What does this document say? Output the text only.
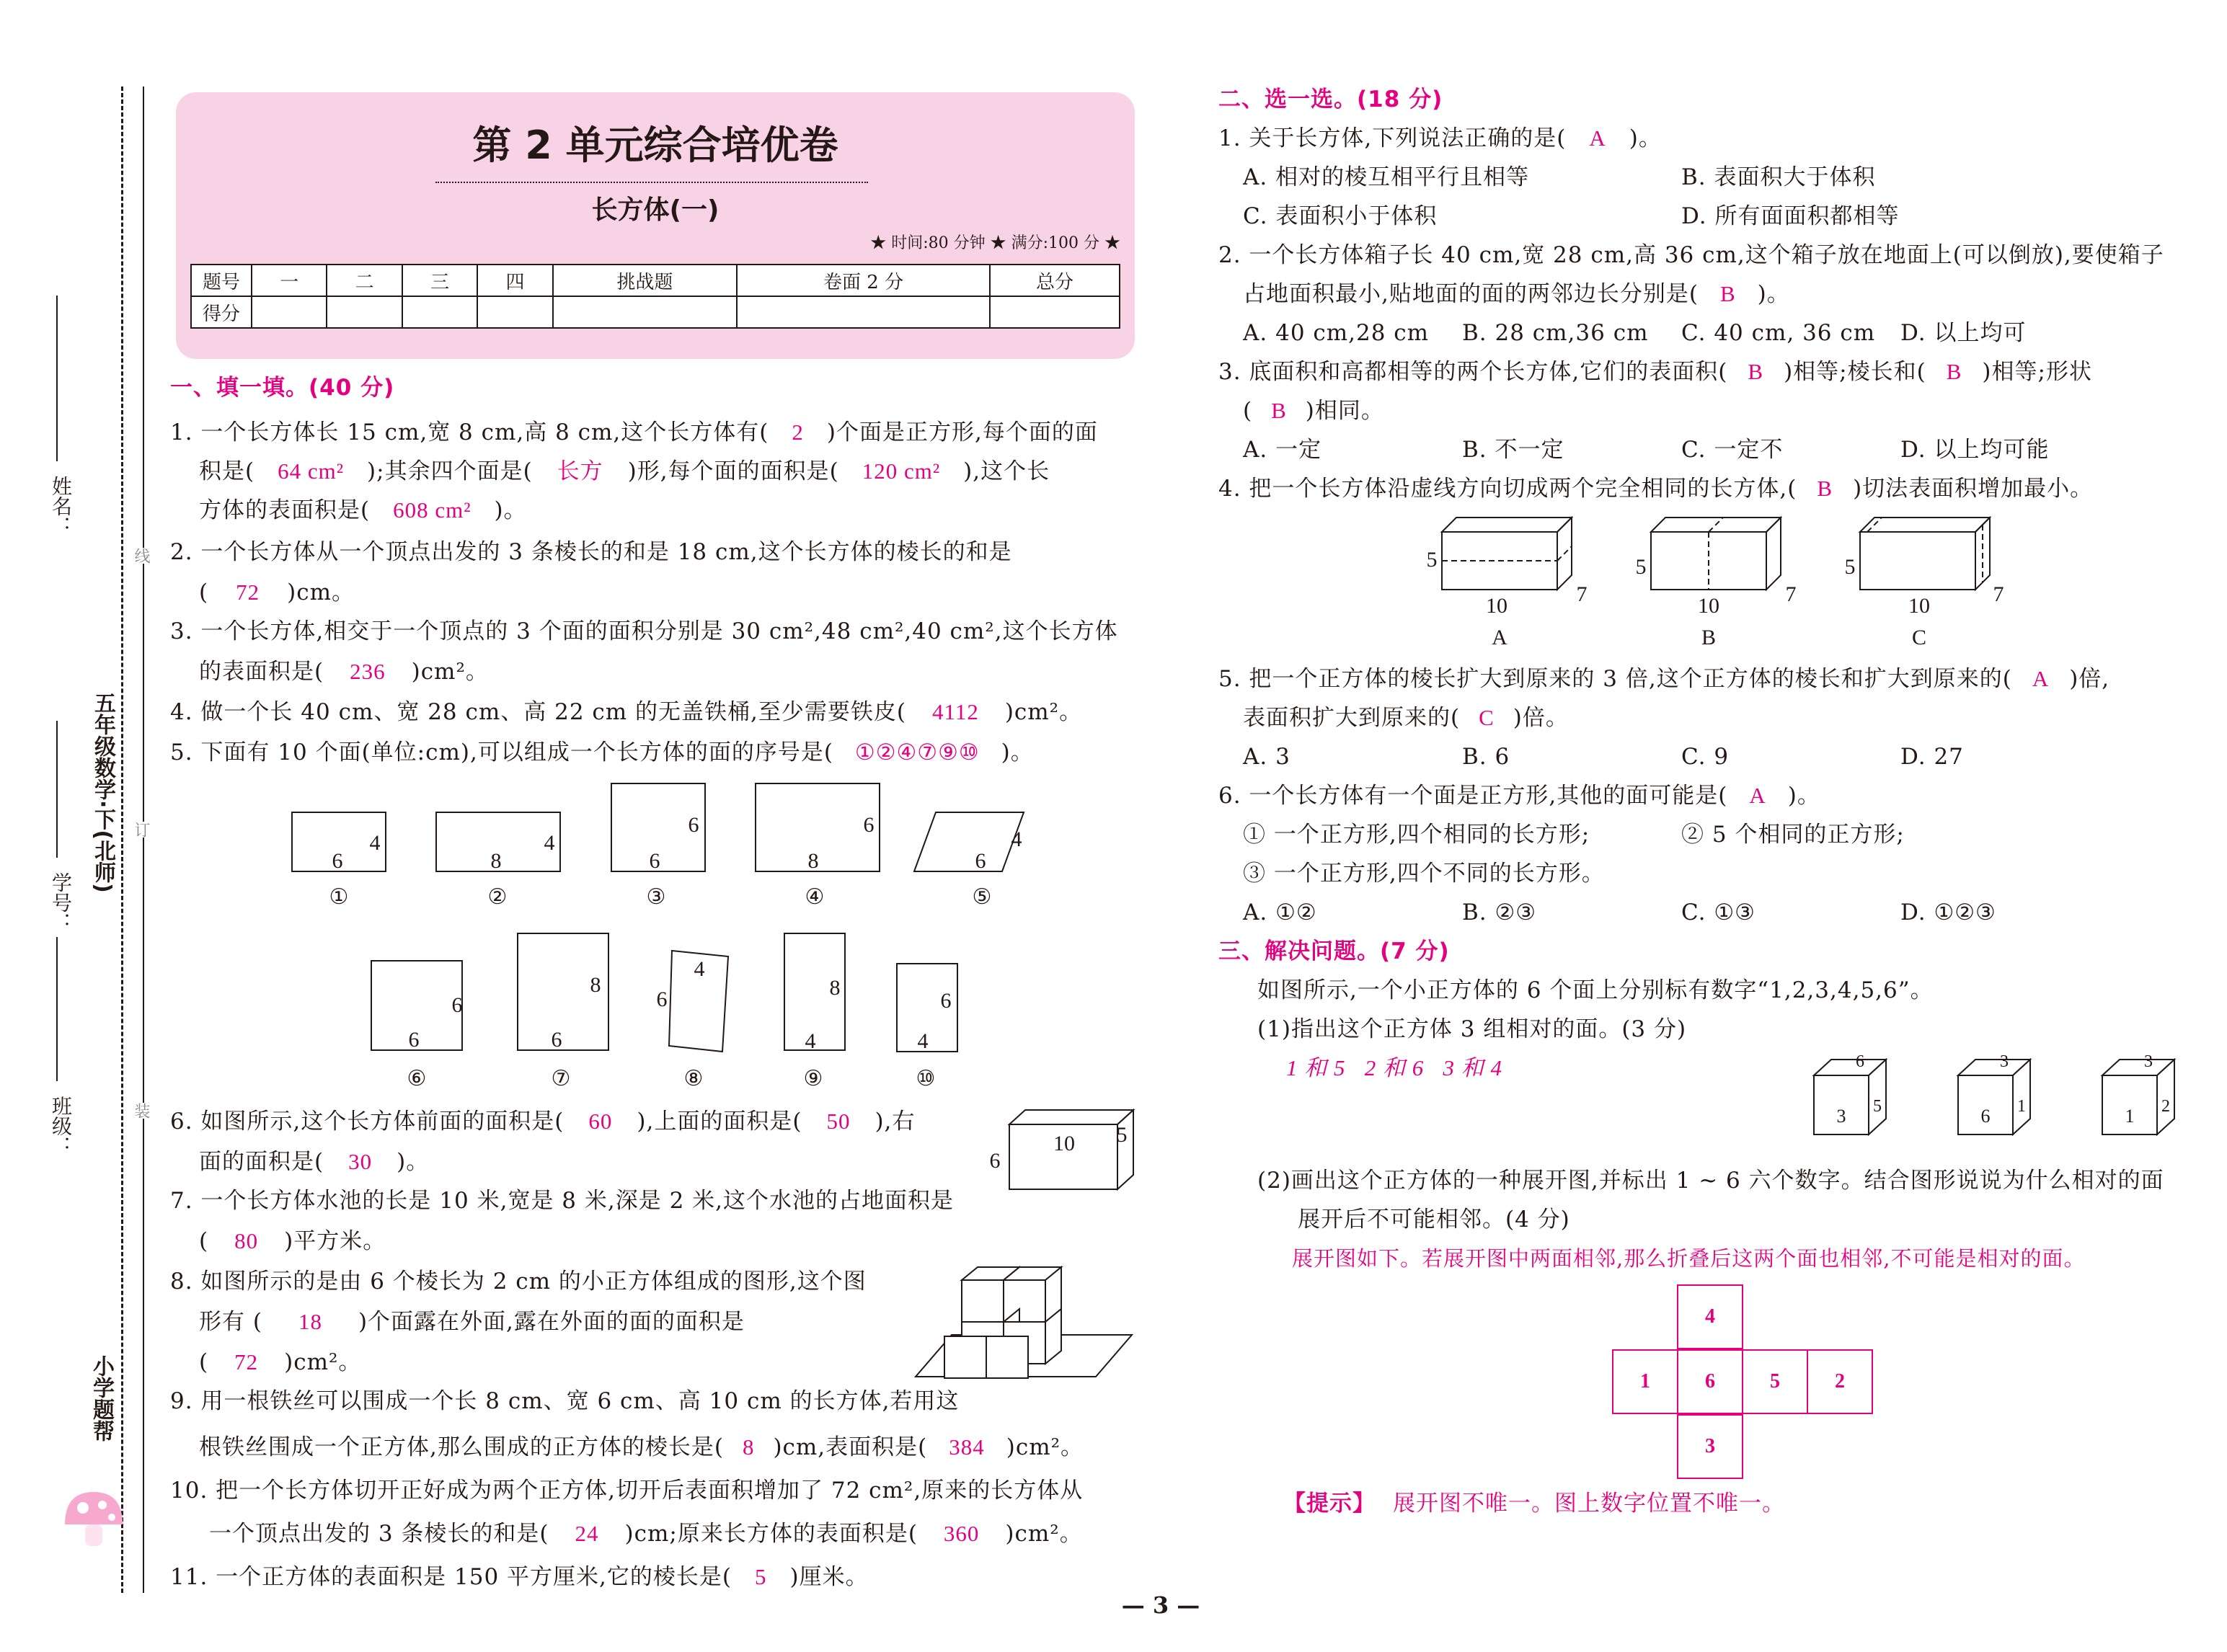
姓名：
学号：
五年级数学·下(北师)
班级：
线
订
装
小学题帮
第 2 单元综合培优卷
长方体(一)
★ 时间:80 分钟 ★ 满分:100 分 ★
题号	一	二	三	四	挑战题	卷面 2 分	总分
得分							
一、填一填。(40 分)
1. 一个长方体长 15 cm,宽 8 cm,高 8 cm,这个长方体有( 2 )个面是正方形,每个面的面
积是( 64 cm² );其余四个面是( 长方 )形,每个面的面积是( 120 cm² ),这个长
方体的表面积是( 608 cm² )。
2. 一个长方体从一个顶点出发的 3 条棱长的和是 18 cm,这个长方体的棱长的和是
( 72 )cm。
3. 一个长方体,相交于一个顶点的 3 个面的面积分别是 30 cm²,48 cm²,40 cm²,这个长方体
的表面积是( 236 )cm²。
4. 做一个长 40 cm、宽 28 cm、高 22 cm 的无盖铁桶,至少需要铁皮( 4112 )cm²。
5. 下面有 10 个面(单位:cm),可以组成一个长方体的面的序号是( ①②④⑦⑨⑩ )。
6
4
①
8
4
②
6
6
③
8
6
④
6
4
⑤
6
6
⑥
6
8
⑦
4
6
⑧
4
8
⑨
4
6
⑩
6. 如图所示,这个长方体前面的面积是( 60 ),上面的面积是( 50 ),右
面的面积是( 30 )。
10	5
6
7. 一个长方体水池的长是 10 米,宽是 8 米,深是 2 米,这个水池的占地面积是
( 80 )平方米。
8. 如图所示的是由 6 个棱长为 2 cm 的小正方体组成的图形,这个图
形有 ( 18 )个面露在外面,露在外面的面的面积是
( 72 )cm²。
9. 用一根铁丝可以围成一个长 8 cm、宽 6 cm、高 10 cm 的长方体,若用这
根铁丝围成一个正方体,那么围成的正方体的棱长是( 8 )cm,表面积是( 384 )cm²。
10. 把一个长方体切开正好成为两个正方体,切开后表面积增加了 72 cm²,原来的长方体从
一个顶点出发的 3 条棱长的和是( 24 )cm;原来长方体的表面积是( 360 )cm²。
11. 一个正方体的表面积是 150 平方厘米,它的棱长是( 5 )厘米。
二、选一选。(18 分)
1. 关于长方体,下列说法正确的是( A )。
A. 相对的棱互相平行且相等	B. 表面积大于体积
C. 表面积小于体积	D. 所有面面积都相等
2. 一个长方体箱子长 40 cm,宽 28 cm,高 36 cm,这个箱子放在地面上(可以倒放),要使箱子
占地面积最小,贴地面的面的两邻边长分别是( B )。
A. 40 cm,28 cm B. 28 cm,36 cm C. 40 cm, 36 cm D. 以上均可
3. 底面积和高都相等的两个长方体,它们的表面积( B )相等;棱长和( B )相等;形状
( B )相同。
A. 一定	B. 不一定	C. 一定不	D. 以上均可能
4. 把一个长方体沿虚线方向切成两个完全相同的长方体,( B )切法表面积增加最小。
5
10	7
A
5
10	7
B
5
10	7
C
5. 把一个正方体的棱长扩大到原来的 3 倍,这个正方体的棱长和扩大到原来的( A )倍,
表面积扩大到原来的( C )倍。
A. 3	B. 6	C. 9	D. 27
6. 一个长方体有一个面是正方形,其他的面可能是( A )。
① 一个正方形,四个相同的长方形;	② 5 个相同的正方形;
③ 一个正方形,四个不同的长方形。
A. ①②	B. ②③	C. ①③	D. ①②③
三、解决问题。(7 分)
如图所示,一个小正方体的 6 个面上分别标有数字“1,2,3,4,5,6”。
(1)指出这个正方体 3 组相对的面。(3 分)
1 和 5   2 和 6   3 和 4	6
3	5
3
6	1
3
1	2
(2)画出这个正方体的一种展开图,并标出 1 ~ 6 六个数字。结合图形说说为什么相对的面
展开后不可能相邻。(4 分)
展开图如下。若展开图中两面相邻,那么折叠后这两个面也相邻,不可能是相对的面。
4
1	6	5	2
3
【提示】 展开图不唯一。图上数字位置不唯一。
— 3 —
